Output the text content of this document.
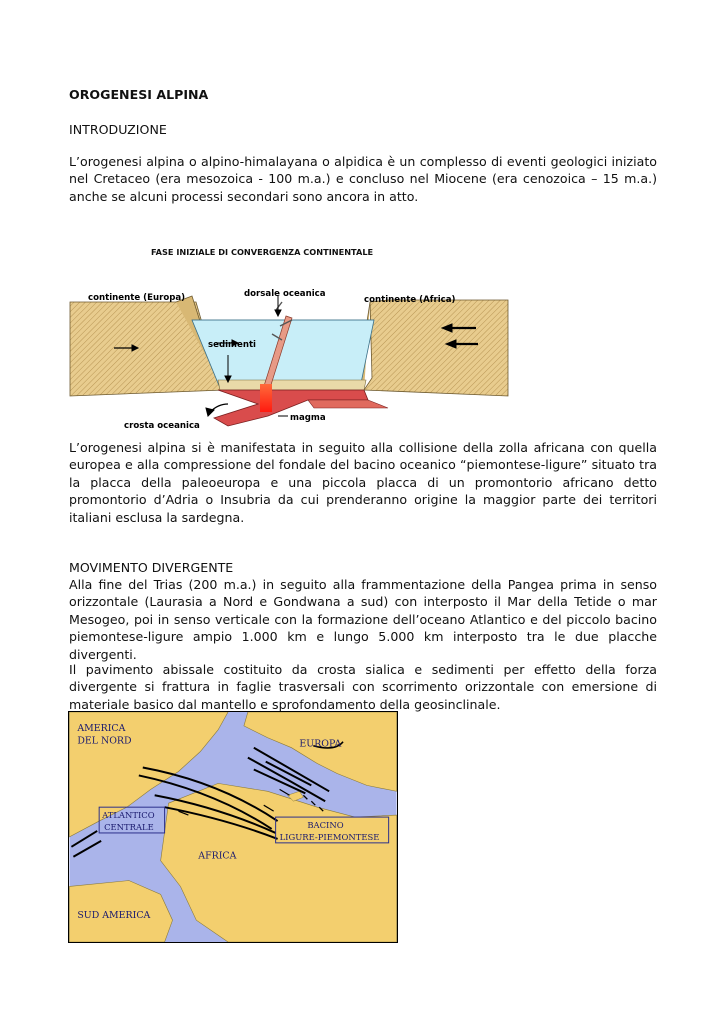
OROGENESI ALPINA

INTRODUZIONE

L’orogenesi alpina o alpino-himalayana o alpidica è un complesso di eventi geologici iniziato nel Cretaceo (era mesozoica - 100 m.a.) e concluso nel Miocene (era cenozoica – 15 m.a.) anche se alcuni processi secondari sono ancora in atto.

FASE INIZIALE DI CONVERGENZA CONTINENTALE
continente (Europa)	dorsale oceanica
continente (Africa)
sedimenti
crosta oceanica
magma

L’orogenesi alpina si è manifestata in seguito alla collisione della zolla africana con quella europea e alla compressione del fondale del bacino oceanico “piemontese-ligure” situato tra la placca della paleoeuropa e una piccola placca di un promontorio africano detto promontorio d’Adria o Insubria da cui prenderanno origine la maggior parte dei territori italiani esclusa la sardegna.

MOVIMENTO DIVERGENTE

Alla fine del Trias (200 m.a.) in seguito alla frammentazione della Pangea prima in senso orizzontale (Laurasia a Nord e Gondwana a sud) con interposto il Mar della Tetide o mar Mesogeo, poi in senso verticale con la formazione dell’oceano Atlantico e del piccolo bacino piemontese-ligure ampio 1.000 km e lungo 5.000 km interposto tra le due placche divergenti.

Il pavimento abissale costituito da crosta sialica e sedimenti per effetto della forza divergente si frattura in faglie trasversali con scorrimento orizzontale con emersione di materiale basico dal mantello e sprofondamento della geosinclinale.

AMERICA
DEL NORD	EUROPA
AFRICA
SUD AMERICA
ATLANTICO
CENTRALE	BACINO
LIGURE-PIEMONTESE
